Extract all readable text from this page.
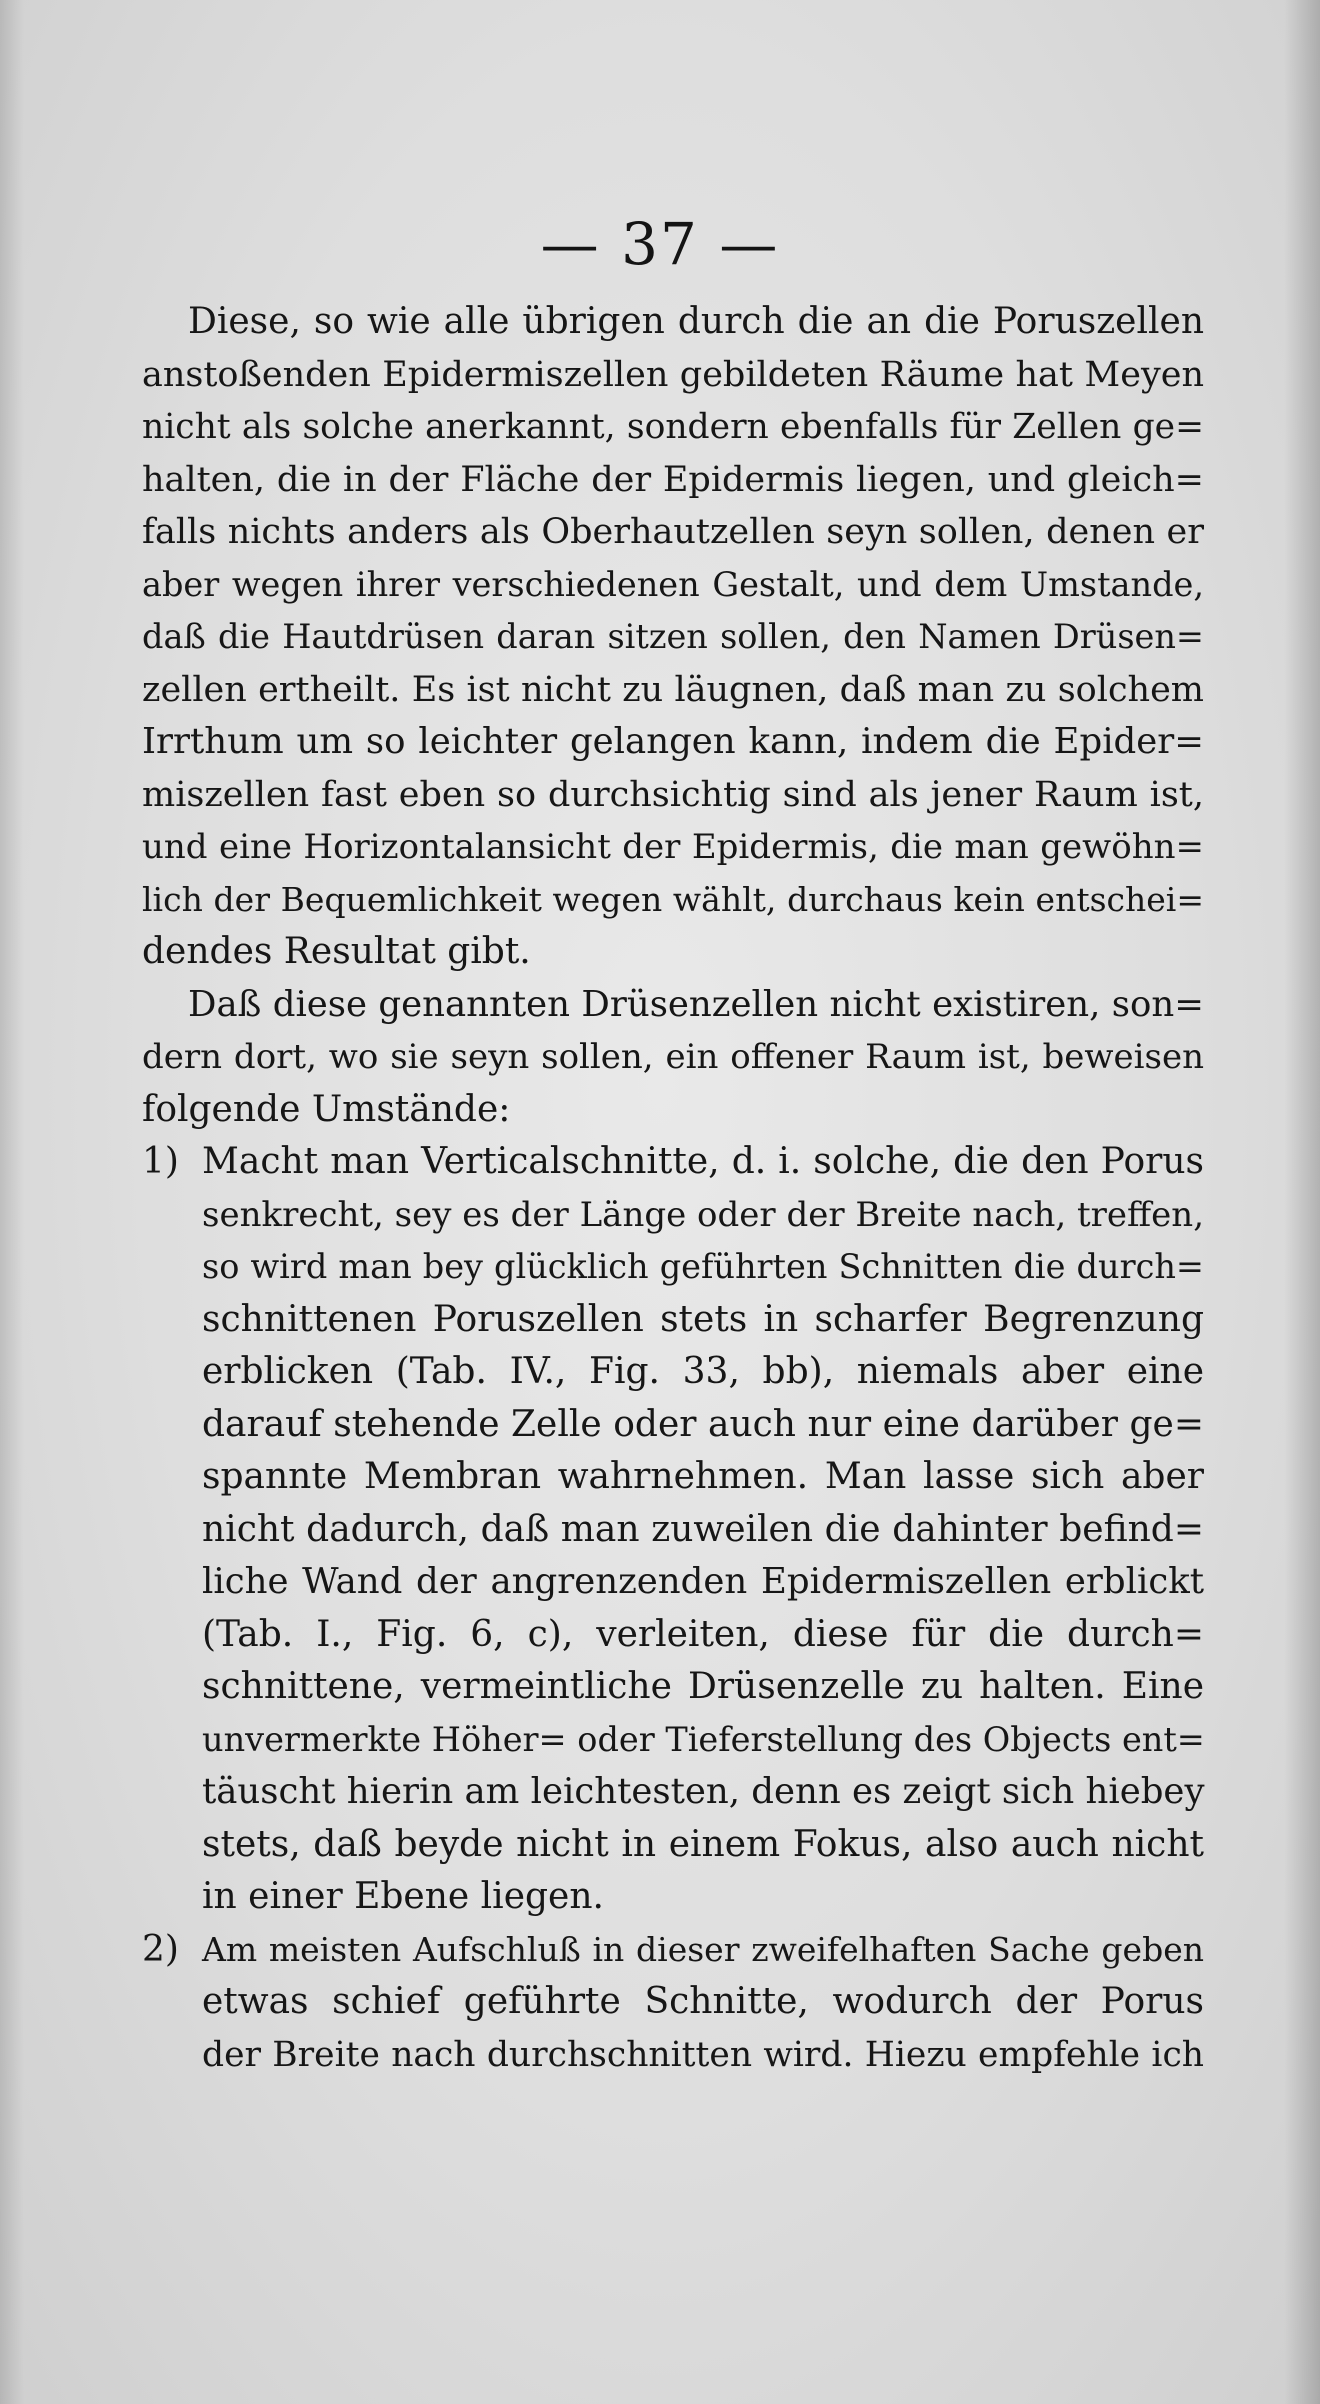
— 37 —
Diese, so wie alle übrigen durch die an die Poruszellen
anstoßenden Epidermiszellen gebildeten Räume hat Meyen
nicht als solche anerkannt, sondern ebenfalls für Zellen ge=
halten, die in der Fläche der Epidermis liegen, und gleich=
falls nichts anders als Oberhautzellen seyn sollen, denen er
aber wegen ihrer verschiedenen Gestalt, und dem Umstande,
daß die Hautdrüsen daran sitzen sollen, den Namen Drüsen=
zellen ertheilt. Es ist nicht zu läugnen, daß man zu solchem
Irrthum um so leichter gelangen kann, indem die Epider=
miszellen fast eben so durchsichtig sind als jener Raum ist,
und eine Horizontalansicht der Epidermis, die man gewöhn=
lich der Bequemlichkeit wegen wählt, durchaus kein entschei=
dendes Resultat gibt.
Daß diese genannten Drüsenzellen nicht existiren, son=
dern dort, wo sie seyn sollen, ein offener Raum ist, beweisen
folgende Umstände:
1) Macht man Verticalschnitte, d. i. solche, die den Porus
senkrecht, sey es der Länge oder der Breite nach, treffen,
so wird man bey glücklich geführten Schnitten die durch=
schnittenen Poruszellen stets in scharfer Begrenzung
erblicken (Tab. IV., Fig. 33, bb), niemals aber eine
darauf stehende Zelle oder auch nur eine darüber ge=
spannte Membran wahrnehmen. Man lasse sich aber
nicht dadurch, daß man zuweilen die dahinter befind=
liche Wand der angrenzenden Epidermiszellen erblickt
(Tab. I., Fig. 6, c), verleiten, diese für die durch=
schnittene, vermeintliche Drüsenzelle zu halten. Eine
unvermerkte Höher= oder Tieferstellung des Objects ent=
täuscht hierin am leichtesten, denn es zeigt sich hiebey
stets, daß beyde nicht in einem Fokus, also auch nicht
in einer Ebene liegen.
2) Am meisten Aufschluß in dieser zweifelhaften Sache geben
etwas schief geführte Schnitte, wodurch der Porus
der Breite nach durchschnitten wird. Hiezu empfehle ich
